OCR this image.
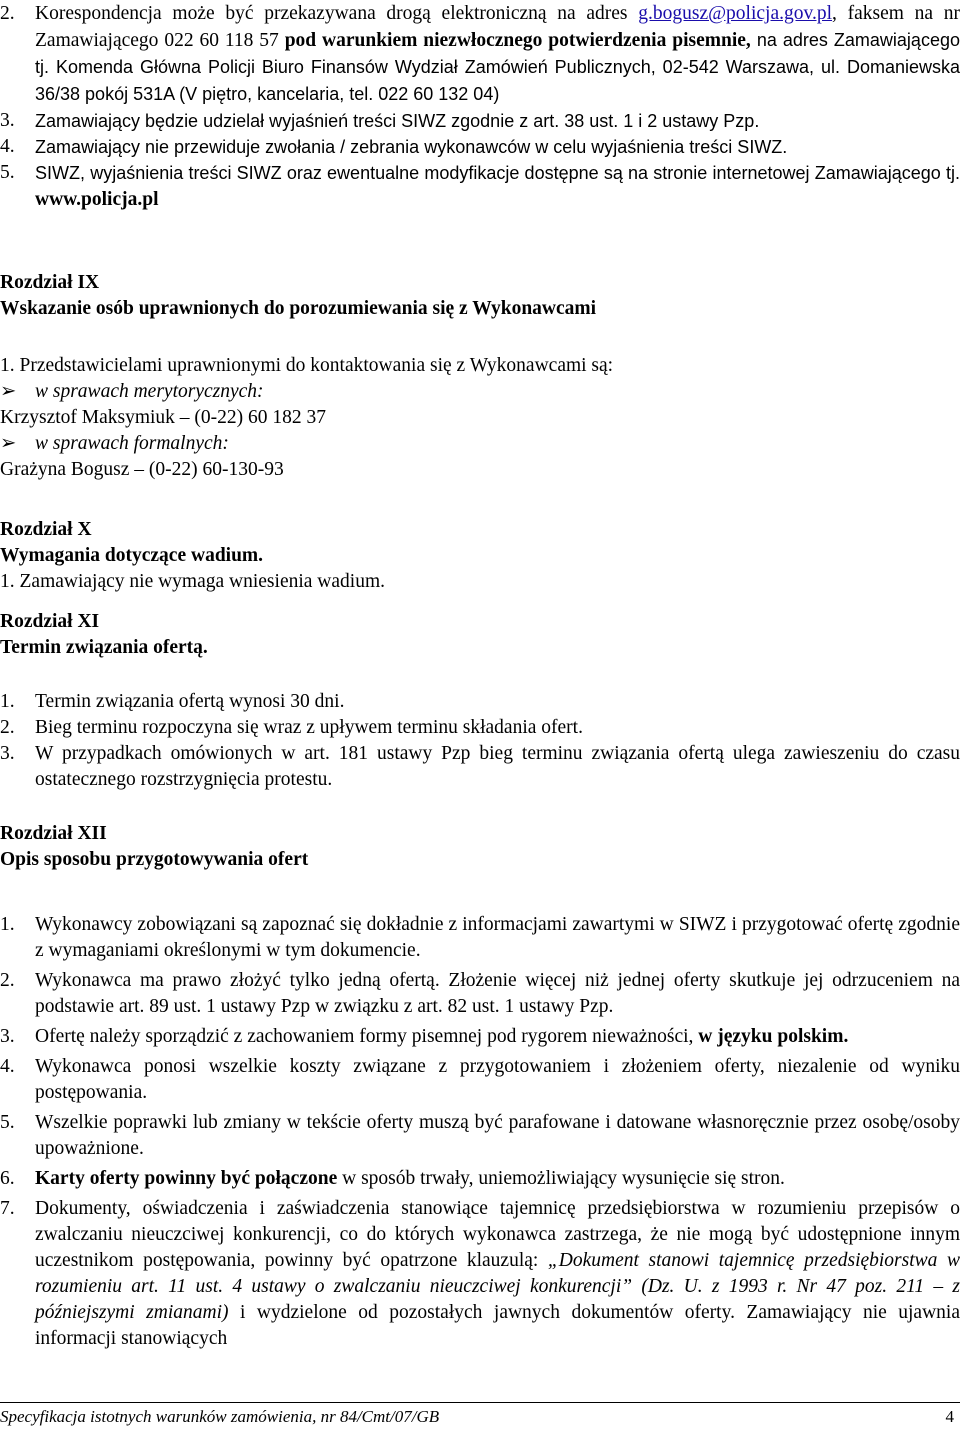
2.	Korespondencja może być przekazywana drogą elektroniczną na adres g.bogusz@policja.gov.pl, faksem na nr Zamawiającego 022 60 118 57 pod warunkiem niezwłocznego potwierdzenia pisemnie, na adres Zamawiającego tj. Komenda Główna Policji Biuro Finansów Wydział Zamówień Publicznych, 02-542 Warszawa, ul. Domaniewska 36/38 pokój 531A (V piętro, kancelaria, tel. 022 60 132 04)
3.	Zamawiający będzie udzielał wyjaśnień treści SIWZ zgodnie z art. 38 ust. 1 i 2 ustawy Pzp.
4.	Zamawiający nie przewiduje zwołania / zebrania wykonawców w celu wyjaśnienia treści SIWZ.
5.	SIWZ, wyjaśnienia treści SIWZ oraz ewentualne modyfikacje dostępne są na stronie internetowej Zamawiającego tj. www.policja.pl
Rozdział IX
Wskazanie osób uprawnionych do porozumiewania się z Wykonawcami
1. Przedstawicielami uprawnionymi do kontaktowania się z Wykonawcami są:
➢ w sprawach merytorycznych:
Krzysztof Maksymiuk – (0-22) 60 182 37
➢ w sprawach formalnych:
Grażyna Bogusz – (0-22) 60-130-93
Rozdział X
Wymagania dotyczące wadium.
1. Zamawiający nie wymaga wniesienia wadium.
Rozdział XI
Termin związania ofertą.
1.	Termin związania ofertą wynosi 30 dni.
2.	Bieg terminu rozpoczyna się wraz z upływem terminu składania ofert.
3.	W przypadkach omówionych w art. 181 ustawy Pzp bieg terminu związania ofertą ulega zawieszeniu do czasu ostatecznego rozstrzygnięcia protestu.
Rozdział XII
Opis sposobu przygotowywania ofert
1.	Wykonawcy zobowiązani są zapoznać się dokładnie z informacjami zawartymi w SIWZ i przygotować ofertę zgodnie z wymaganiami określonymi w tym dokumencie.
2.	Wykonawca ma prawo złożyć tylko jedną ofertą. Złożenie więcej niż jednej oferty skutkuje jej odrzuceniem na podstawie art. 89 ust. 1 ustawy Pzp w związku z art. 82 ust. 1 ustawy Pzp.
3.	Ofertę należy sporządzić z zachowaniem formy pisemnej pod rygorem nieważności, w języku polskim.
4.	Wykonawca ponosi wszelkie koszty związane z przygotowaniem i złożeniem oferty, niezalenie od wyniku postępowania.
5.	Wszelkie poprawki lub zmiany w tekście oferty muszą być parafowane i datowane własnoręcznie przez osobę/osoby upoważnione.
6.	Karty oferty powinny być połączone w sposób trwały, uniemożliwiający wysunięcie się stron.
7.	Dokumenty, oświadczenia i zaświadczenia stanowiące tajemnicę przedsiębiorstwa w rozumieniu przepisów o zwalczaniu nieuczciwej konkurencji, co do których wykonawca zastrzega, że nie mogą być udostępnione innym uczestnikom postępowania, powinny być opatrzone klauzulą: „Dokument stanowi tajemnicę przedsiębiorstwa w rozumieniu art. 11 ust. 4 ustawy o zwalczaniu nieuczciwej konkurencji” (Dz. U. z 1993 r. Nr 47 poz. 211 – z późniejszymi zmianami) i wydzielone od pozostałych jawnych dokumentów oferty. Zamawiający nie ujawnia informacji stanowiących
Specyfikacja istotnych warunków zamówienia, nr 84/Cmt/07/GB	4
